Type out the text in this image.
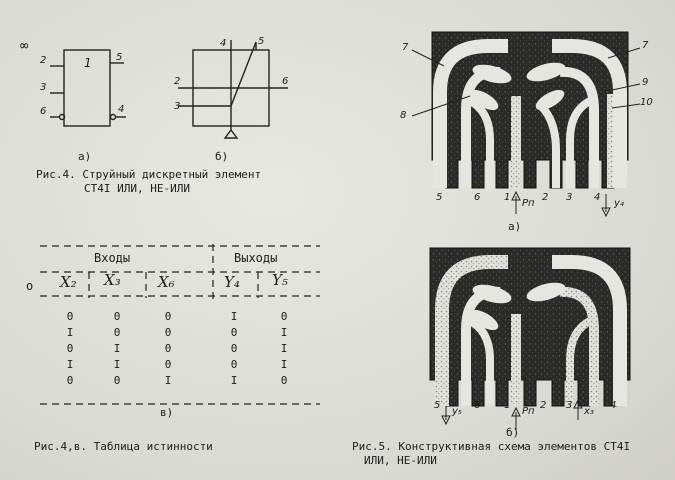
∞
1
2
3
6
5
4
а)
4	5
2
3
6
б)
Рис.4. Струйный дискретный элемент
СТ4I ИЛИ, НЕ-ИЛИ
Входы	Выходы
o X₂ X₃ X₆	Y₄ Y₅
0	0	0	I	0
I	0	0	0	I
0	I	0	0	I
I	I	0	0	I
0	0	I	I	0
в)
Рис.4,в. Таблица истинности
7	7
8
9
10
5	6 1
Pп
2 3 4
y₄
а)
5
y₅
6 1
Pп
2 3
x₃
4
б)
Рис.5. Конструктивная схема элементов СТ4I
ИЛИ, НЕ-ИЛИ
